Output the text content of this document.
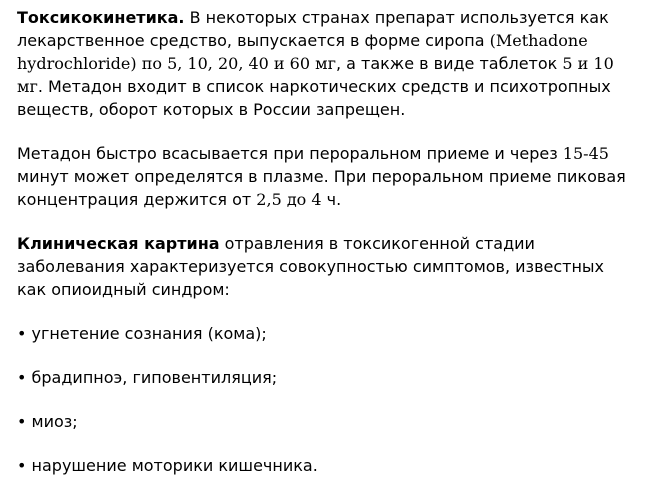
Токсикокинетика. В некоторых странах препарат используется как лекарственное средство, выпускается в форме сиропа (Methadone hydrochloride) по 5, 10, 20, 40 и 60 мг, а также в виде таблеток 5 и 10 мг. Метадон входит в список наркотических средств и психотропных веществ, оборот которых в России запрещен.

Метадон быстро всасывается при пероральном приеме и через 15-45 минут может определятся в плазме. При пероральном приеме пиковая концентрация держится от 2,5 до 4 ч.

Клиническая картина отравления в токсикогенной стадии заболевания характеризуется совокупностью симптомов, известных как опиоидный синдром:

• угнетение сознания (кома);

• брадипноэ, гиповентиляция;

• миоз;

• нарушение моторики кишечника.
